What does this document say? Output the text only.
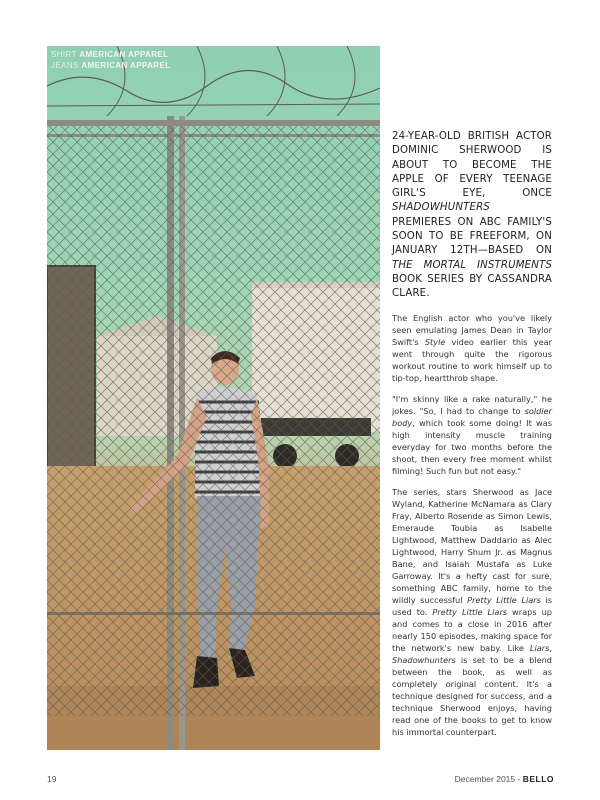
SHIRT AMERICAN APPAREL
JEANS AMERICAN APPAREL
24-YEAR-OLD BRITISH ACTOR DOMINIC SHERWOOD IS ABOUT TO BECOME THE APPLE OF EVERY TEENAGE GIRL'S EYE, ONCE SHADOWHUNTERS PREMIERES ON ABC FAMILY'S SOON TO BE FREEFORM, ON JANUARY 12TH—BASED ON THE MORTAL INSTRUMENTS BOOK SERIES BY CASSANDRA CLARE.

The English actor who you've likely seen emulating James Dean in Taylor Swift's Style video earlier this year went through quite the rigorous workout routine to work himself up to tip-top, heartthrob shape.

"I'm skinny like a rake naturally," he jokes. "So, I had to change to soldier body, which took some doing! It was high intensity muscle training everyday for two months before the shoot, then every free moment whilst filming! Such fun but not easy."

The series, stars Sherwood as Jace Wyland, Katherine McNamara as Clary Fray, Alberto Rosende as Simon Lewis, Emeraude Toubia as Isabelle Lightwood, Matthew Daddario as Alec Lightwood, Harry Shum Jr. as Magnus Bane, and Isaiah Mustafa as Luke Garroway. It's a hefty cast for sure, something ABC family, home to the wildly successful Pretty Little Liars is used to. Pretty Little Liars wraps up and comes to a close in 2016 after nearly 150 episodes, making space for the network's new baby. Like Liars, Shadowhunters is set to be a blend between the book, as well as completely original content. It's a technique designed for success, and a technique Sherwood enjoys, having read one of the books to get to know his immortal counterpart.

19	December 2015 - BELLO
